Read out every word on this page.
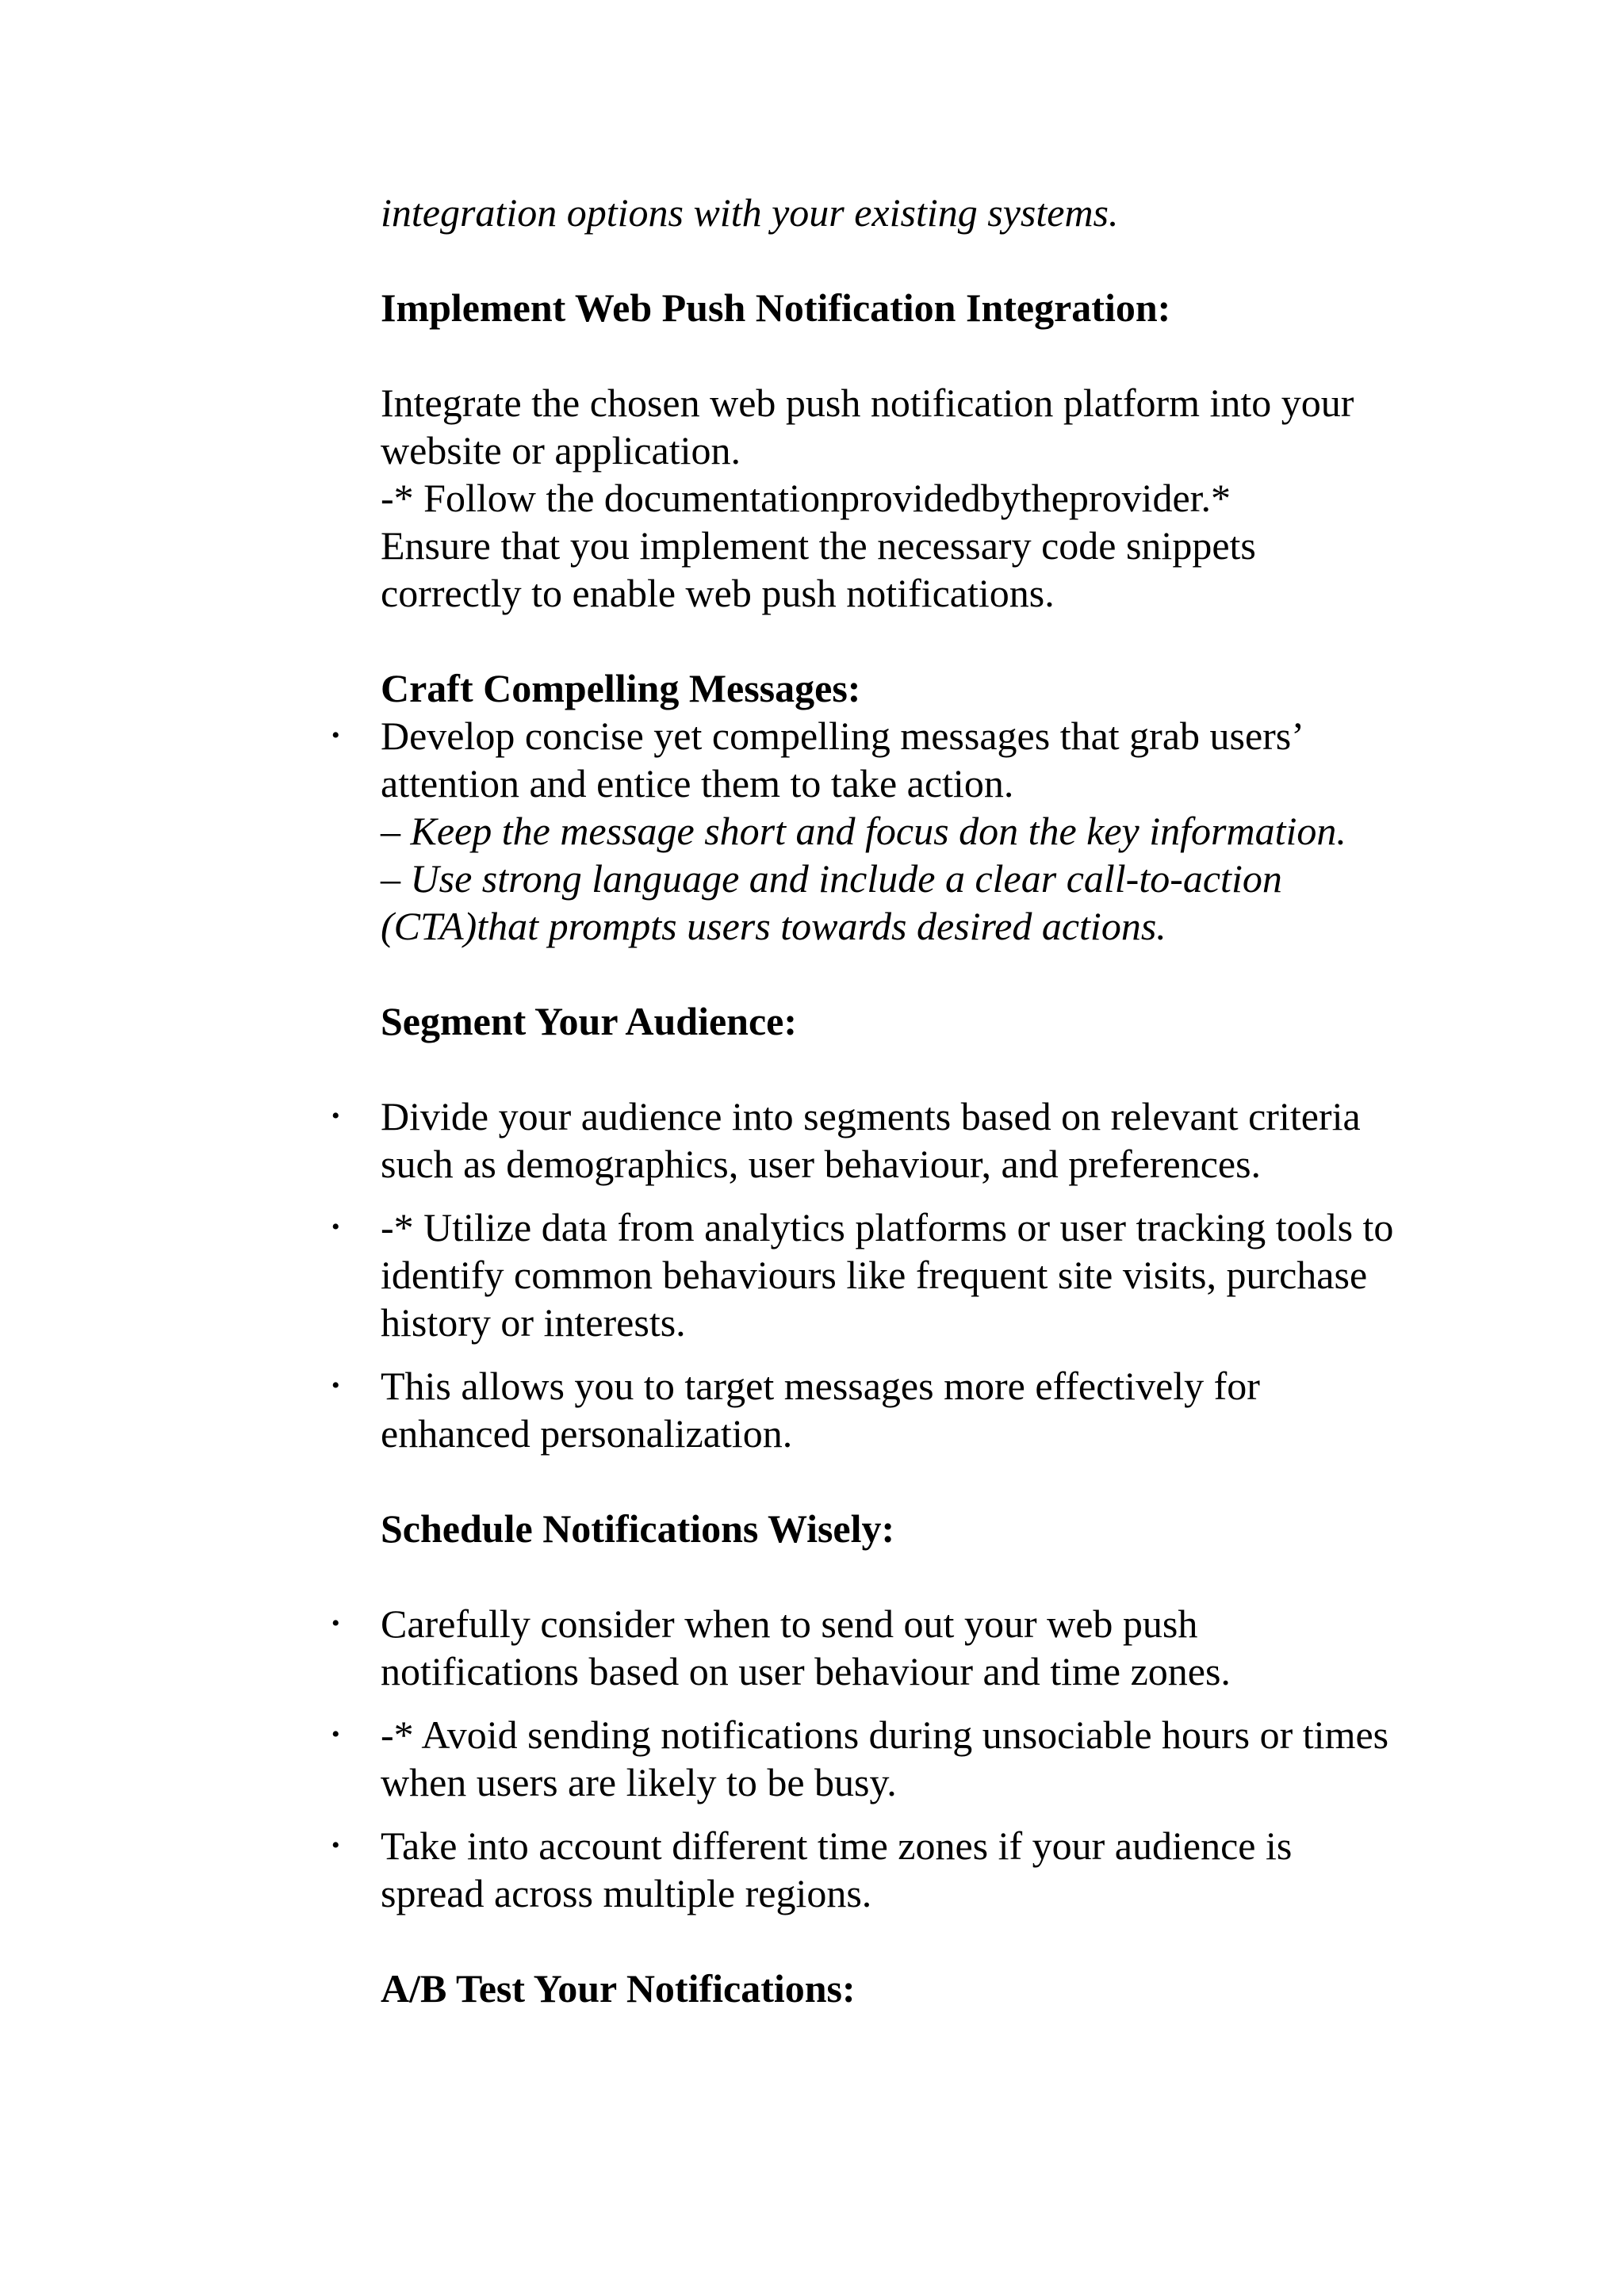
integration options with your existing systems.
Implement Web Push Notification Integration:
Integrate the chosen web push notification platform into your
website or application.
-* Follow the documentationprovidedbytheprovider.*
Ensure that you implement the necessary code snippets
correctly to enable web push notifications.
Craft Compelling Messages:
• Develop concise yet compelling messages that grab users’
attention and entice them to take action.
– Keep the message short and focus don the key information.
– Use strong language and include a clear call-to-action
(CTA)that prompts users towards desired actions.
Segment Your Audience:
• Divide your audience into segments based on relevant criteria
such as demographics, user behaviour, and preferences.
• -* Utilize data from analytics platforms or user tracking tools to
identify common behaviours like frequent site visits, purchase
history or interests.
• This allows you to target messages more effectively for
enhanced personalization.
Schedule Notifications Wisely:
• Carefully consider when to send out your web push
notifications based on user behaviour and time zones.
• -* Avoid sending notifications during unsociable hours or times
when users are likely to be busy.
• Take into account different time zones if your audience is
spread across multiple regions.
A/B Test Your Notifications:
